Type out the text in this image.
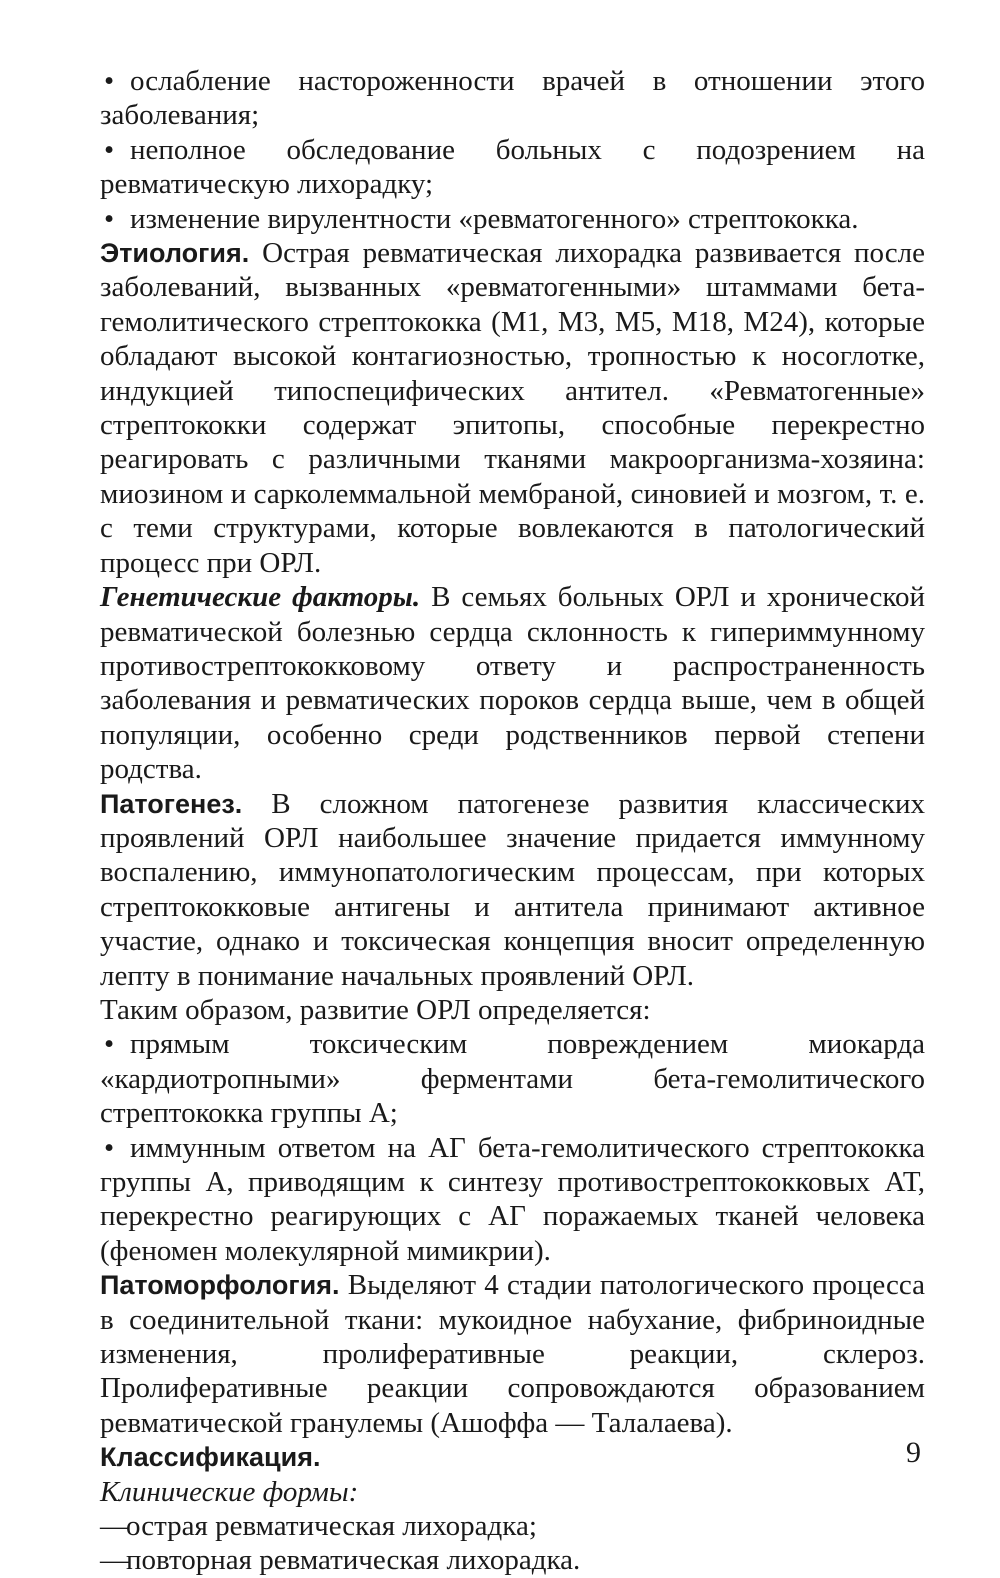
• ослабление настороженности врачей в отношении этого заболевания;

• неполное обследование больных с подозрением на ревматическую лихорадку;

• изменение вирулентности «ревматогенного» стрептококка.

Этиология. Острая ревматическая лихорадка развивается после заболеваний, вызванных «ревматогенными» штаммами бета-гемолитического стрептококка (М1, М3, М5, М18, М24), которые обладают высокой контагиозностью, тропностью к носоглотке, индукцией типоспецифических антител. «Ревматогенные» стрептококки содержат эпитопы, способные перекрестно реагировать с различными тканями макроорганизма-хозяина: миозином и сарколеммальной мембраной, синовией и мозгом, т. е. с теми структурами, которые вовлекаются в патологический процесс при ОРЛ.

Генетические факторы. В семьях больных ОРЛ и хронической ревматической болезнью сердца склонность к гипериммунному противострептококковому ответу и распространенность заболевания и ревматических пороков сердца выше, чем в общей популяции, особенно среди родственников первой степени родства.

Патогенез. В сложном патогенезе развития классических проявлений ОРЛ наибольшее значение придается иммунному воспалению, иммунопатологическим процессам, при которых стрептококковые антигены и антитела принимают активное участие, однако и токсическая концепция вносит определенную лепту в понимание начальных проявлений ОРЛ.

Таким образом, развитие ОРЛ определяется:

• прямым токсическим повреждением миокарда «кардиотропными» ферментами бета-гемолитического стрептококка группы А;

• иммунным ответом на АГ бета-гемолитического стрептококка группы А, приводящим к синтезу противострептококковых АТ, перекрестно реагирующих с АГ поражаемых тканей человека (феномен молекулярной мимикрии).

Патоморфология. Выделяют 4 стадии патологического процесса в соединительной ткани: мукоидное набухание, фибриноидные изменения, пролиферативные реакции, склероз. Пролиферативные реакции сопровождаются образованием ревматической гранулемы (Ашоффа — Талалаева).

Классификация.

Клинические формы:

—острая ревматическая лихорадка;

—повторная ревматическая лихорадка.

9
